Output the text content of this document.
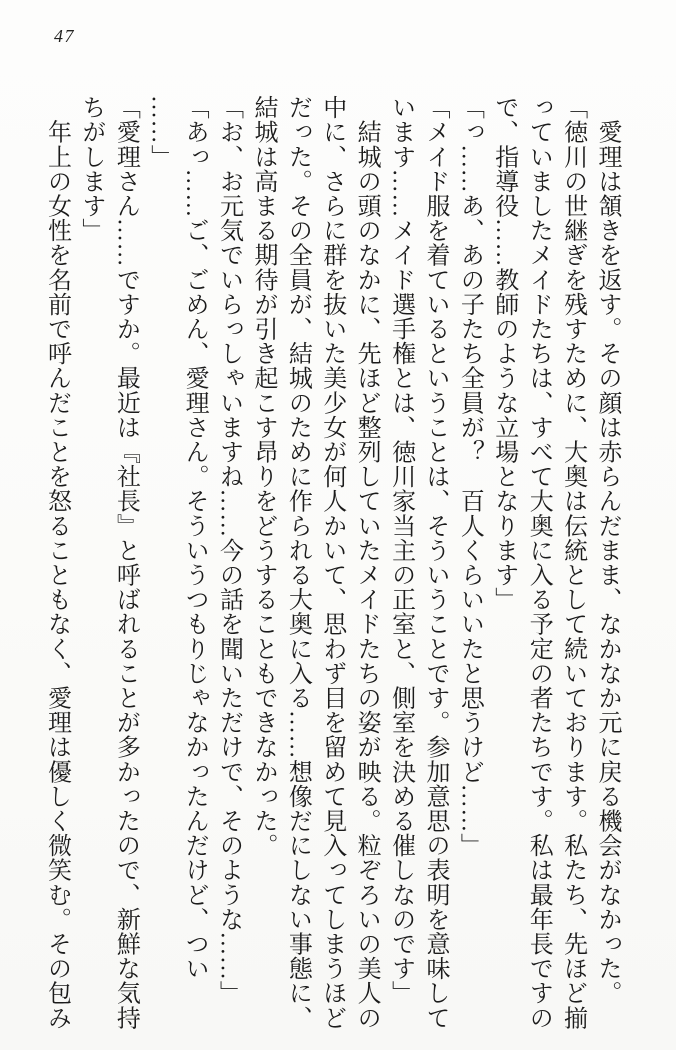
47
　愛理は頷きを返す。その顔は赤らんだまま、なかなか元に戻る機会がなかった。
「徳川の世継ぎを残すために、大奥は伝統として続いております。私たち、先ほど揃
っていましたメイドたちは、すべて大奥に入る予定の者たちです。私は最年長ですの
で、指導役……教師のような立場となります」
「っ……あ、あの子たち全員が？　百人くらいいたと思うけど……」
「メイド服を着ているということは、そういうことです。参加意思の表明を意味して
います……メイド選手権とは、徳川家当主の正室と、側室を決める催しなのです」
　結城の頭のなかに、先ほど整列していたメイドたちの姿が映る。粒ぞろいの美人の
中に、さらに群を抜いた美少女が何人かいて、思わず目を留めて見入ってしまうほど
だった。その全員が、結城のために作られる大奥に入る……想像だにしない事態に、
結城は高まる期待が引き起こす昂りをどうすることもできなかった。
「お、お元気でいらっしゃいますね……今の話を聞いただけで、そのような……」
「あっ……ご、ごめん、愛理さん。そういうつもりじゃなかったんだけど、つい
……」
「愛理さん……ですか。最近は『社長』と呼ばれることが多かったので、新鮮な気持
ちがします」
　年上の女性を名前で呼んだことを怒ることもなく、愛理は優しく微笑む。その包み
